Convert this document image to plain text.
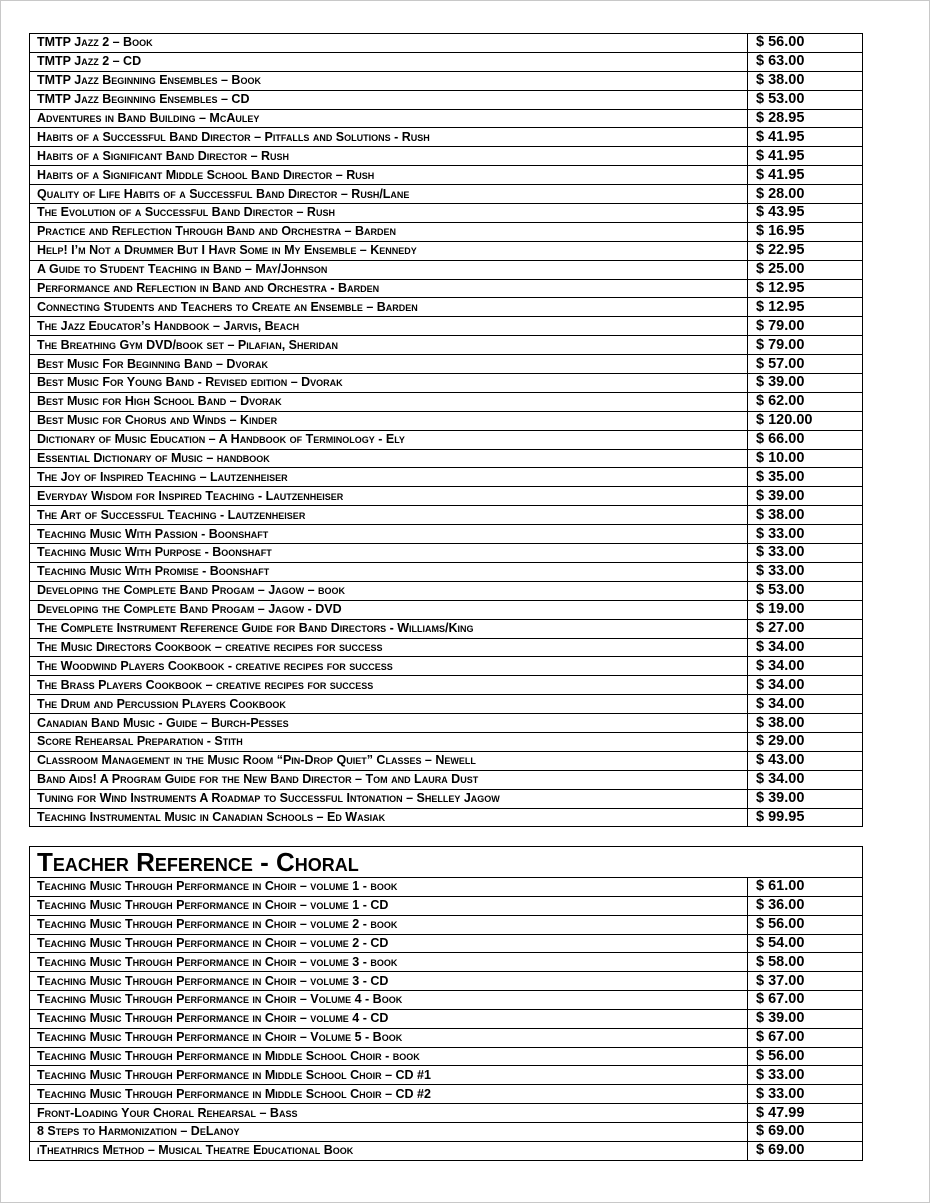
TMTP Jazz 2 – Book	$ 56.00
TMTP Jazz 2 – CD	$ 63.00
TMTP Jazz Beginning Ensembles – Book	$ 38.00
TMTP Jazz Beginning Ensembles – CD	$ 53.00
Adventures in Band Building – McAuley	$ 28.95
Habits of a Successful Band Director – Pitfalls and Solutions - Rush	$ 41.95
Habits of a Significant Band Director – Rush	$ 41.95
Habits of a Significant Middle School Band Director – Rush	$ 41.95
Quality of Life Habits of a Successful Band Director – Rush/Lane	$ 28.00
The Evolution of a Successful Band Director – Rush	$ 43.95
Practice and Reflection Through Band and Orchestra – Barden	$ 16.95
Help! I’m Not a Drummer But I Havr Some in My Ensemble – Kennedy	$ 22.95
A Guide to Student Teaching in Band – May/Johnson	$ 25.00
Performance and Reflection in Band and Orchestra - Barden	$ 12.95
Connecting Students and Teachers to Create an Ensemble – Barden	$ 12.95
The Jazz Educator’s Handbook – Jarvis, Beach	$ 79.00
The Breathing Gym DVD/book set – Pilafian, Sheridan	$ 79.00
Best Music For Beginning Band – Dvorak	$ 57.00
Best Music For Young Band - Revised edition – Dvorak	$ 39.00
Best Music for High School Band – Dvorak	$ 62.00
Best Music for Chorus and Winds – Kinder	$ 120.00
Dictionary of Music Education – A Handbook of Terminology - Ely	$ 66.00
Essential Dictionary of Music – handbook	$ 10.00
The Joy of Inspired Teaching – Lautzenheiser	$ 35.00
Everyday Wisdom for Inspired Teaching - Lautzenheiser	$ 39.00
The Art of Successful Teaching - Lautzenheiser	$ 38.00
Teaching Music With Passion - Boonshaft	$ 33.00
Teaching Music With Purpose - Boonshaft	$ 33.00
Teaching Music With Promise - Boonshaft	$ 33.00
Developing the Complete Band Progam – Jagow – book	$ 53.00
Developing the Complete Band Progam – Jagow - DVD	$ 19.00
The Complete Instrument Reference Guide for Band Directors - Williams/King	$ 27.00
The Music Directors Cookbook – creative recipes for success	$ 34.00
The Woodwind Players Cookbook - creative recipes for success	$ 34.00
The Brass Players Cookbook – creative recipes for success	$ 34.00
The Drum and Percussion Players Cookbook	$ 34.00
Canadian Band Music - Guide – Burch-Pesses	$ 38.00
Score Rehearsal Preparation - Stith	$ 29.00
Classroom Management in the Music Room “Pin-Drop Quiet” Classes – Newell	$ 43.00
Band Aids! A Program Guide for the New Band Director – Tom and Laura Dust	$ 34.00
Tuning for Wind Instruments A Roadmap to Successful Intonation – Shelley Jagow	$ 39.00
Teaching Instrumental Music in Canadian Schools – Ed Wasiak	$ 99.95
Teacher Reference - Choral	
Teaching Music Through Performance in Choir – volume 1 - book	$ 61.00
Teaching Music Through Performance in Choir – volume 1 - CD	$ 36.00
Teaching Music Through Performance in Choir – volume 2 - book	$ 56.00
Teaching Music Through Performance in Choir – volume 2 - CD	$ 54.00
Teaching Music Through Performance in Choir – volume 3 - book	$ 58.00
Teaching Music Through Performance in Choir – volume 3 - CD	$ 37.00
Teaching Music Through Performance in Choir – Volume 4 - Book	$ 67.00
Teaching Music Through Performance in Choir – volume 4 - CD	$ 39.00
Teaching Music Through Performance in Choir – Volume 5 - Book	$ 67.00
Teaching Music Through Performance in Middle School Choir - book	$ 56.00
Teaching Music Through Performance in Middle School Choir – CD #1	$ 33.00
Teaching Music Through Performance in Middle School Choir – CD #2	$ 33.00
Front-Loading Your Choral Rehearsal – Bass	$ 47.99
8 Steps to Harmonization – DeLanoy	$ 69.00
iTheathrics Method – Musical Theatre Educational Book	$ 69.00
